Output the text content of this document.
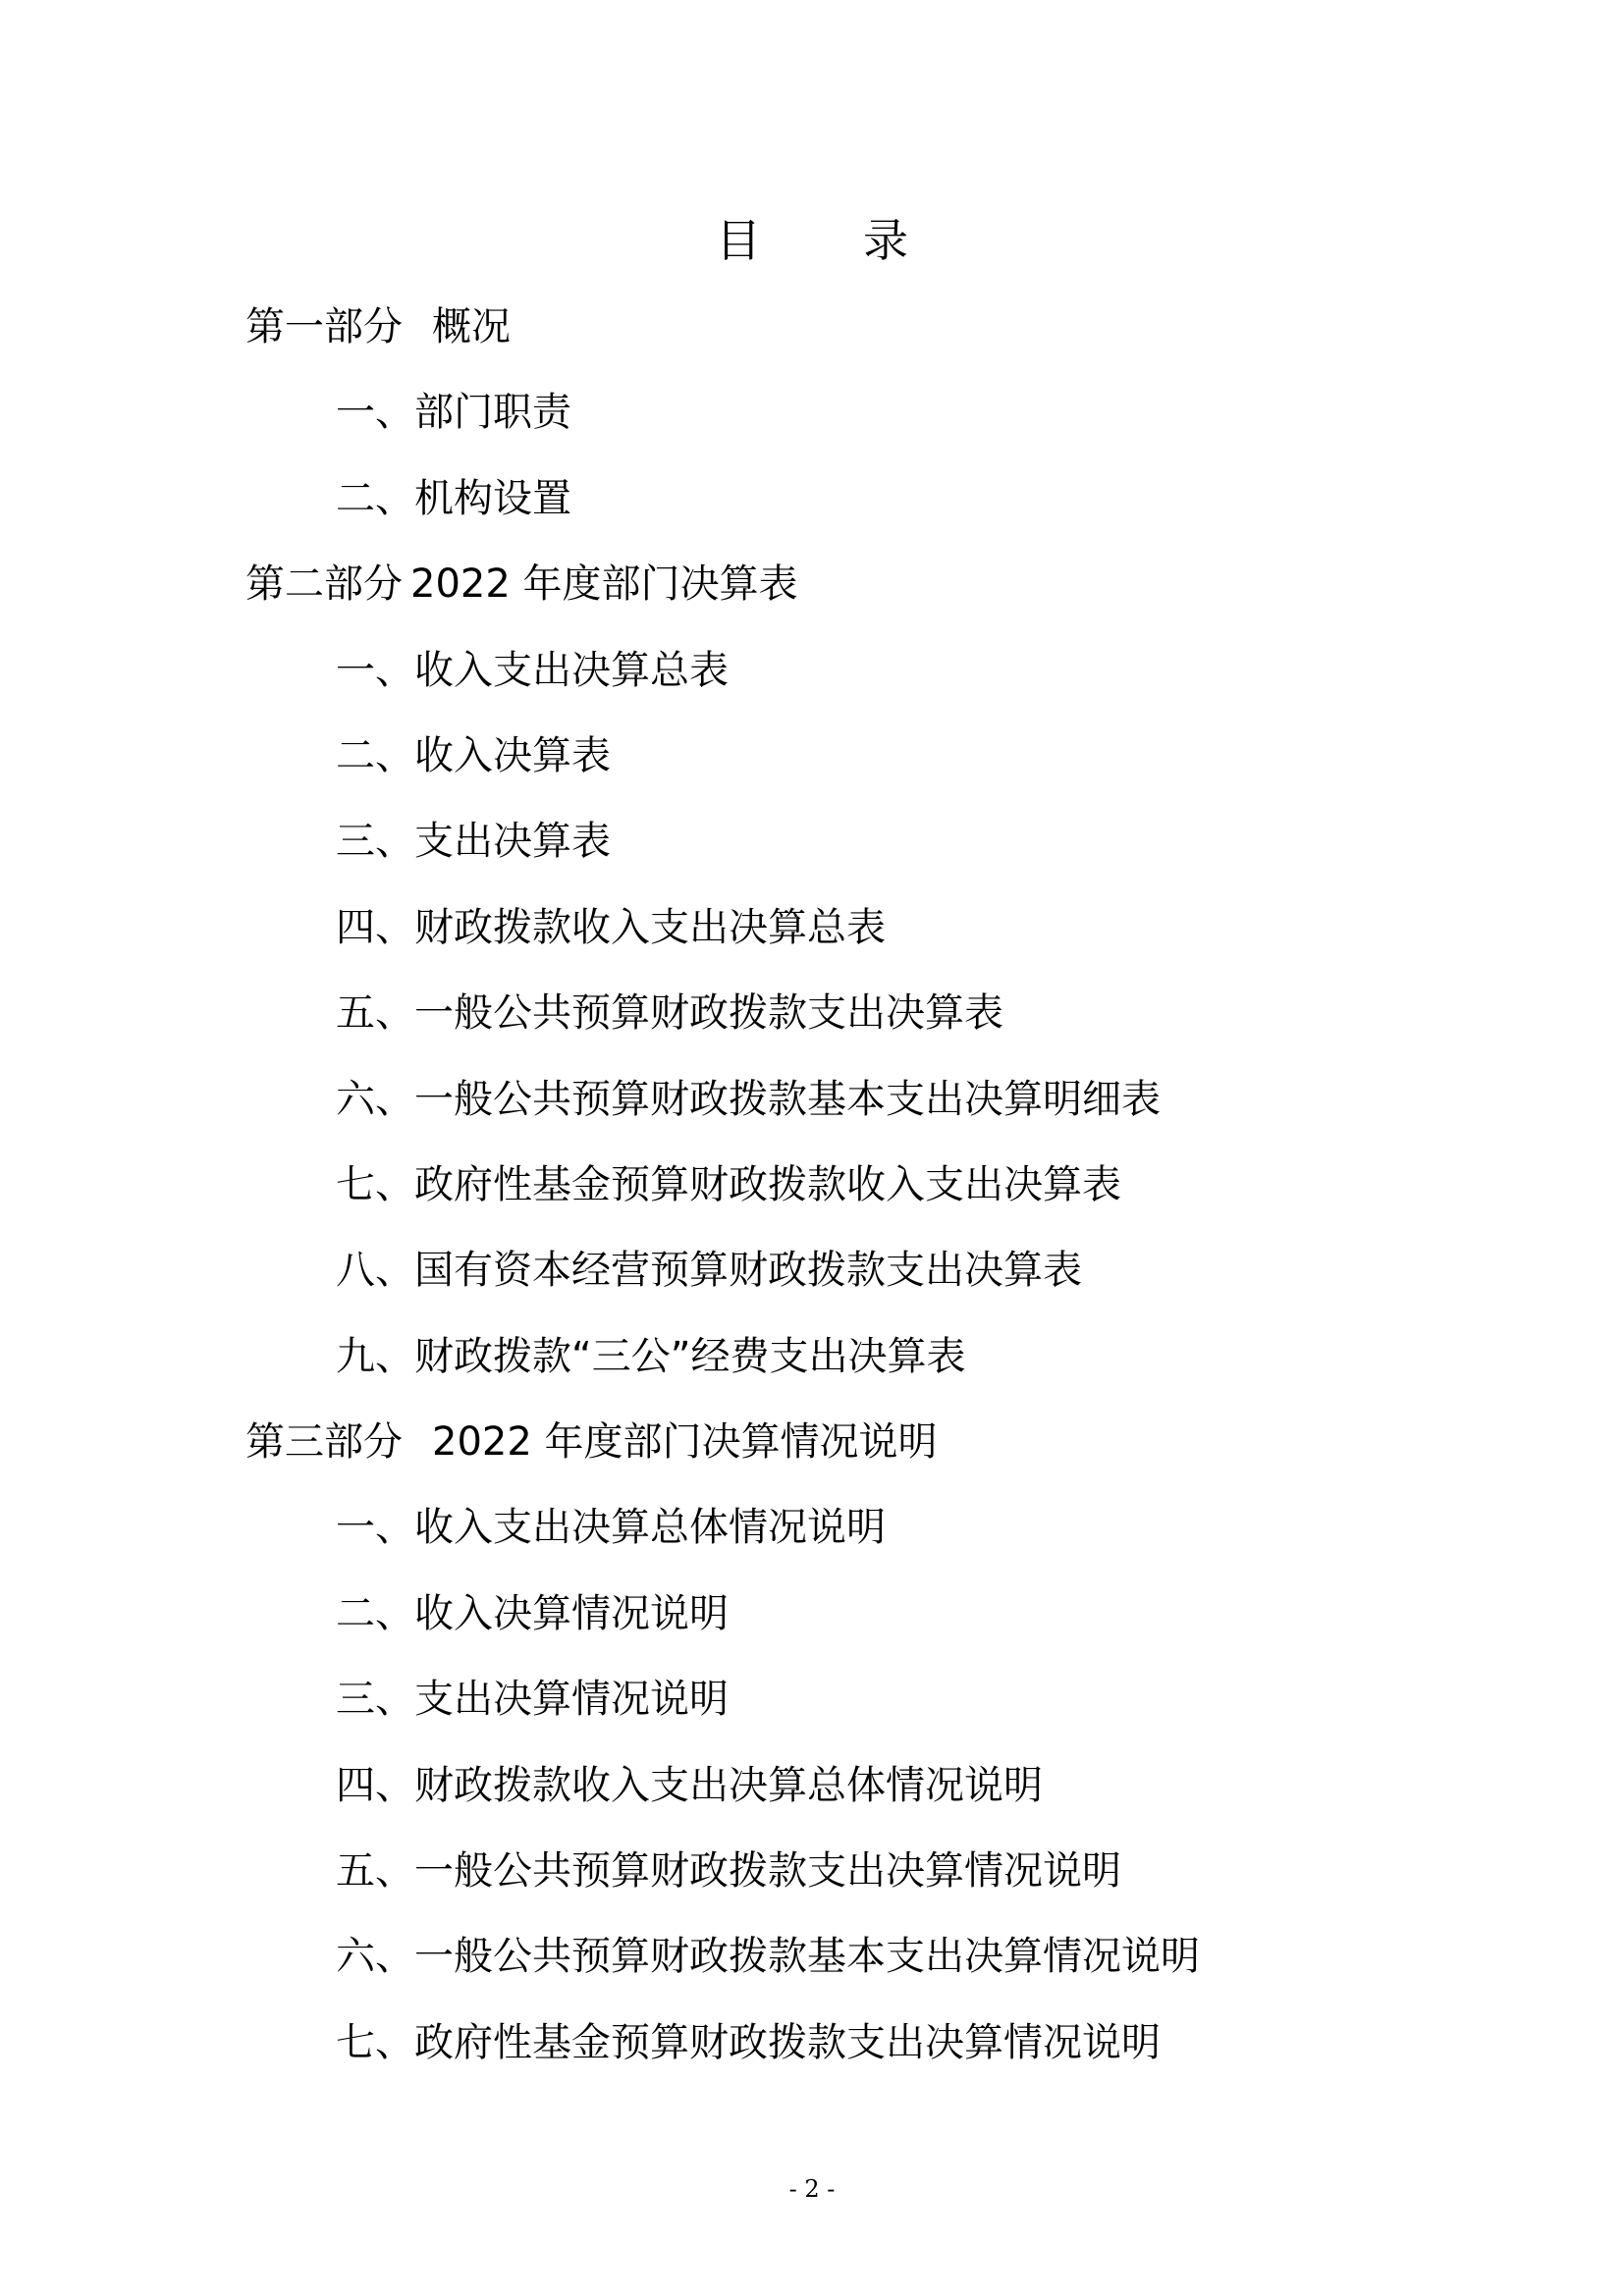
目 录
第一部分 概况
一、部门职责
二、机构设置
第二部分 2022 年度部门决算表
一、收入支出决算总表
二、收入决算表
三、支出决算表
四、财政拨款收入支出决算总表
五、一般公共预算财政拨款支出决算表
六、一般公共预算财政拨款基本支出决算明细表
七、政府性基金预算财政拨款收入支出决算表
八、国有资本经营预算财政拨款支出决算表
九、财政拨款“三公”经费支出决算表
第三部分 2022 年度部门决算情况说明
一、收入支出决算总体情况说明
二、收入决算情况说明
三、支出决算情况说明
四、财政拨款收入支出决算总体情况说明
五、一般公共预算财政拨款支出决算情况说明
六、一般公共预算财政拨款基本支出决算情况说明
七、政府性基金预算财政拨款支出决算情况说明
- 2 -
